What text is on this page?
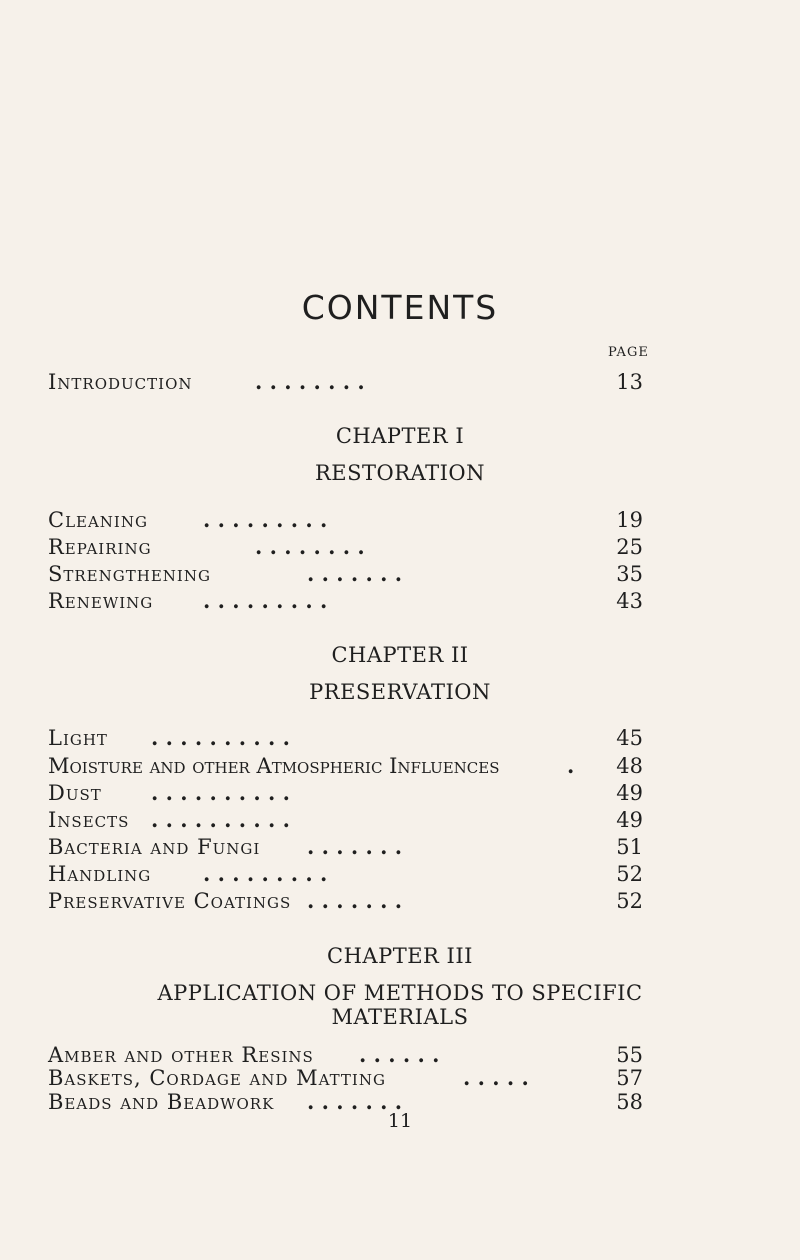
CONTENTS
PAGE
Introduction	. . . . . . . .	13
CHAPTER I
RESTORATION
Cleaning	. . . . . . . . .	19
Repairing	. . . . . . . .	25
Strengthening	. . . . . . .	35
Renewing . . . . . . . . .	43
CHAPTER II
PRESERVATION
Light . . . . . . . . . .	45
Moisture and other Atmospheric Influences	. 48
Dust . . . . . . . . . .	49
Insects . . . . . . . . . .	49
Bacteria and Fungi . . . . . . .	51
Handling . . . . . . . . .	52
Preservative Coatings . . . . . . .	52
CHAPTER III
APPLICATION OF METHODS TO SPECIFIC
MATERIALS
Amber and other Resins . . . . . .	55
Baskets, Cordage and Matting	. . . . .	57
Beads and Beadwork . . . . . . .	58
11
